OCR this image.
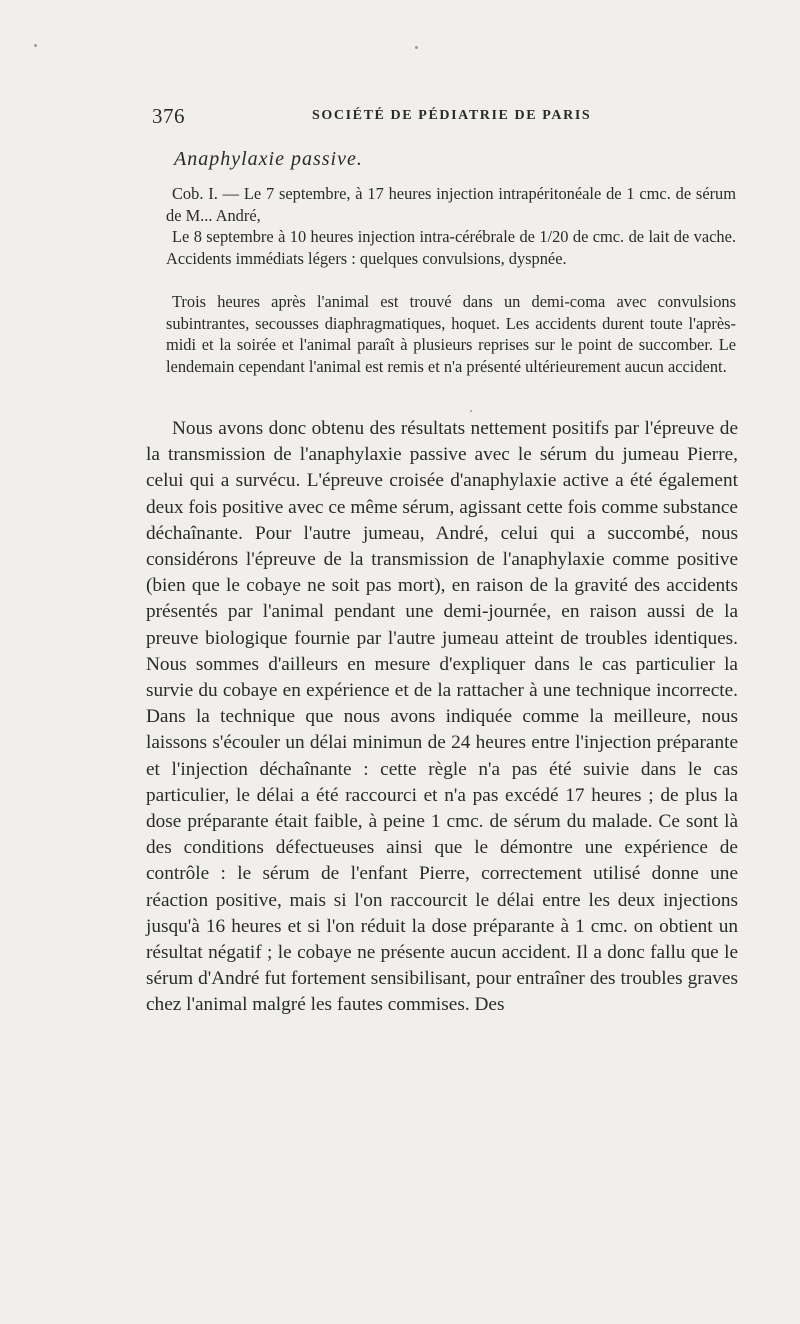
376	SOCIÉTÉ DE PÉDIATRIE DE PARIS
Anaphylaxie passive.

Cob. I. — Le 7 septembre, à 17 heures injection intrapéritonéale de 1 cmc. de sérum de M... André,

Le 8 septembre à 10 heures injection intra-cérébrale de 1/20 de cmc. de lait de vache. Accidents immédiats légers : quelques convulsions, dyspnée.

Trois heures après l'animal est trouvé dans un demi-coma avec convulsions subintrantes, secousses diaphragmatiques, hoquet. Les accidents durent toute l'après-midi et la soirée et l'animal paraît à plusieurs reprises sur le point de succomber. Le lendemain cependant l'animal est remis et n'a présenté ultérieurement aucun accident.

Nous avons donc obtenu des résultats nettement positifs par l'épreuve de la transmission de l'anaphylaxie passive avec le sérum du jumeau Pierre, celui qui a survécu. L'épreuve croisée d'anaphylaxie active a été également deux fois positive avec ce même sérum, agissant cette fois comme substance déchaînante. Pour l'autre jumeau, André, celui qui a succombé, nous considérons l'épreuve de la transmission de l'anaphylaxie comme positive (bien que le cobaye ne soit pas mort), en raison de la gravité des accidents présentés par l'animal pendant une demi-journée, en raison aussi de la preuve biologique fournie par l'autre jumeau atteint de troubles identiques. Nous sommes d'ailleurs en mesure d'expliquer dans le cas particulier la survie du cobaye en expérience et de la rattacher à une technique incorrecte. Dans la technique que nous avons indiquée comme la meilleure, nous laissons s'écouler un délai minimun de 24 heures entre l'injection préparante et l'injection déchaînante : cette règle n'a pas été suivie dans le cas particulier, le délai a été raccourci et n'a pas excédé 17 heures ; de plus la dose préparante était faible, à peine 1 cmc. de sérum du malade. Ce sont là des conditions défectueuses ainsi que le démontre une expérience de contrôle : le sérum de l'enfant Pierre, correctement utilisé donne une réaction positive, mais si l'on raccourcit le délai entre les deux injections jusqu'à 16 heures et si l'on réduit la dose préparante à 1 cmc. on obtient un résultat négatif ; le cobaye ne présente aucun accident. Il a donc fallu que le sérum d'André fut fortement sensibilisant, pour entraîner des troubles graves chez l'animal malgré les fautes commises. Des
